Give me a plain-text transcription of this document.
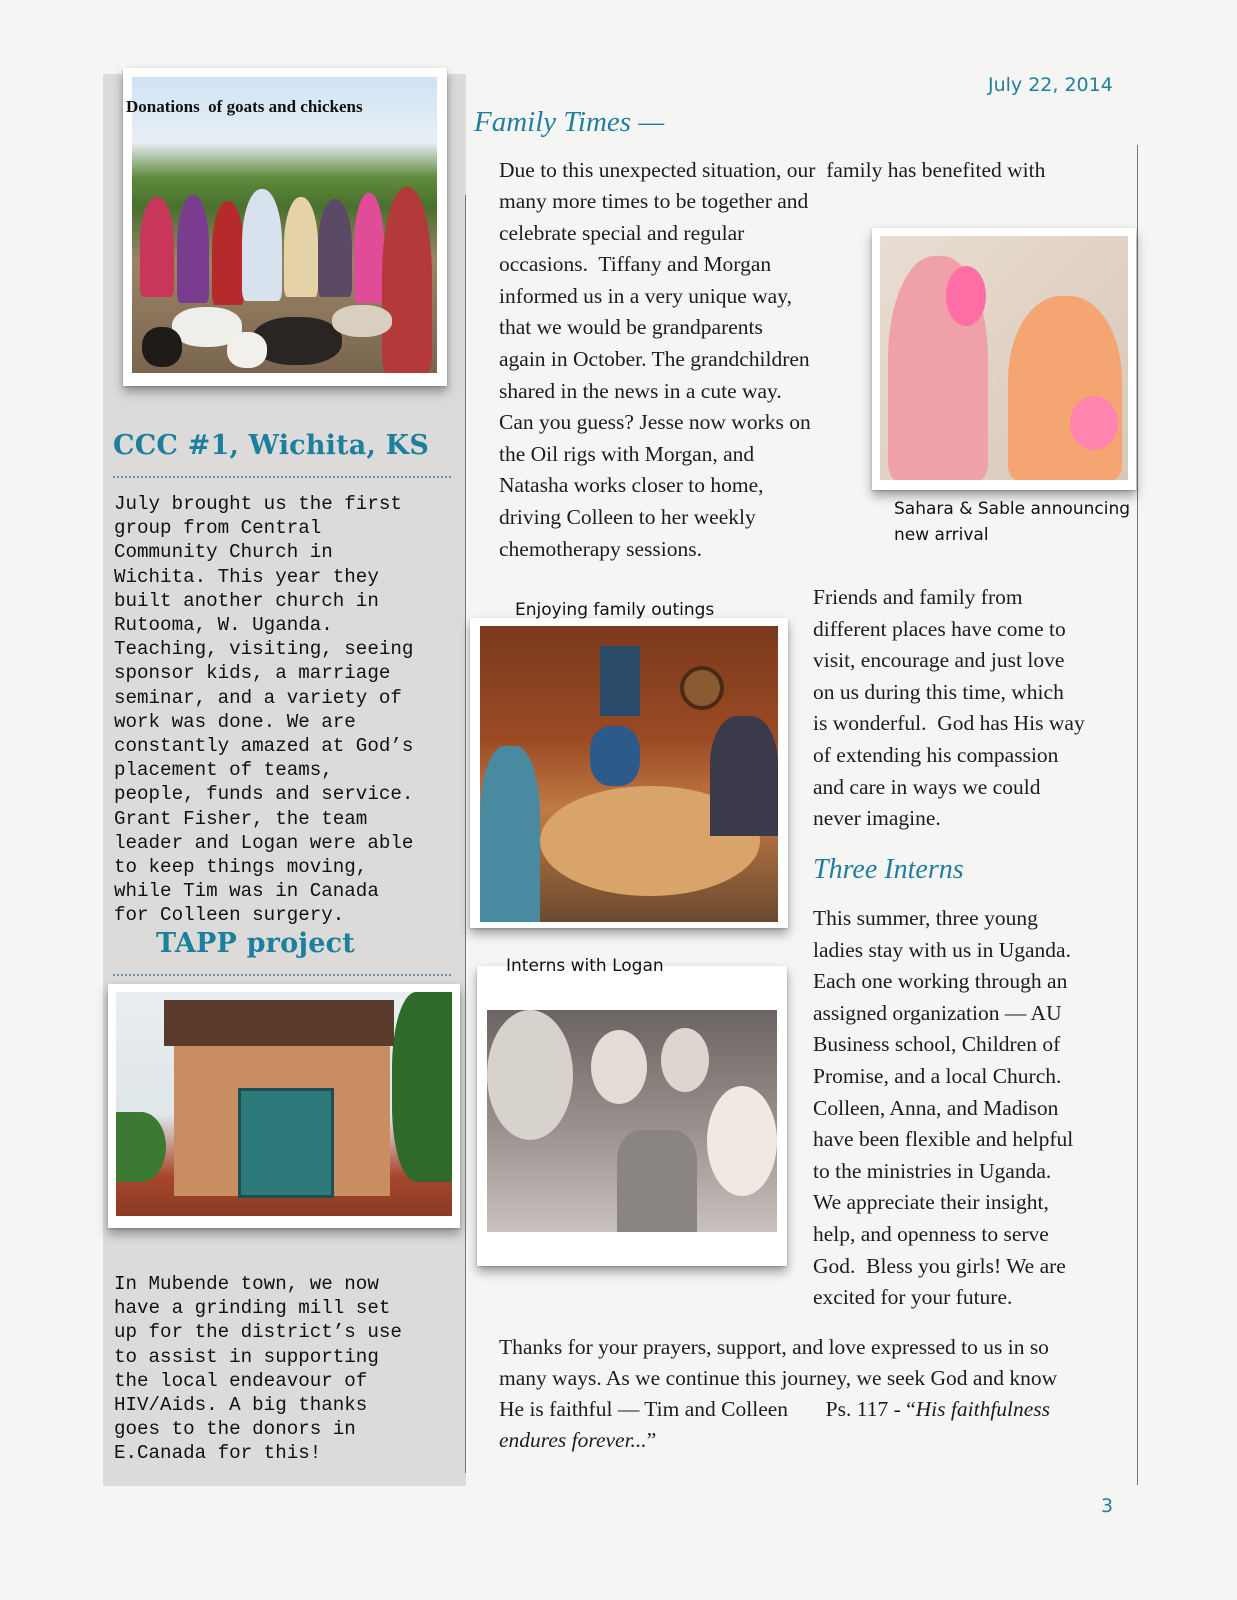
July 22, 2014
Donations  of goats and chickens
CCC #1, Wichita, KS
July brought us the first
group from Central
Community Church in
Wichita. This year they
built another church in
Rutooma, W. Uganda.
Teaching, visiting, seeing
sponsor kids, a marriage
seminar, and a variety of
work was done. We are
constantly amazed at God’s
placement of teams,
people, funds and service.
Grant Fisher, the team
leader and Logan were able
to keep things moving,
while Tim was in Canada
for Colleen surgery.
TAPP project
In Mubende town, we now
have a grinding mill set
up for the district’s use
to assist in supporting
the local endeavour of
HIV/Aids. A big thanks
goes to the donors in
E.Canada for this!
Family Times —
Due to this unexpected situation, our  family has benefited with
many more times to be together and
celebrate special and regular
occasions.  Tiffany and Morgan
informed us in a very unique way,
that we would be grandparents
again in October. The grandchildren
shared in the news in a cute way.
Can you guess? Jesse now works on
the Oil rigs with Morgan, and
Natasha works closer to home,
driving Colleen to her weekly
chemotherapy sessions.
Sahara & Sable announcing
new arrival
Enjoying family outings
Friends and family from
different places have come to
visit, encourage and just love
on us during this time, which
is wonderful.  God has His way
of extending his compassion
and care in ways we could
never imagine.
Three Interns
This summer, three young
ladies stay with us in Uganda.
Each one working through an
assigned organization — AU
Business school, Children of
Promise, and a local Church.
Colleen, Anna, and Madison
have been flexible and helpful
to the ministries in Uganda.
We appreciate their insight,
help, and openness to serve
God.  Bless you girls! We are
excited for your future.
Interns with Logan
Thanks for your prayers, support, and love expressed to us in so
many ways. As we continue this journey, we seek God and know
He is faithful — Tim and Colleen       Ps. 117 - “His faithfulness
endures forever...”
3
